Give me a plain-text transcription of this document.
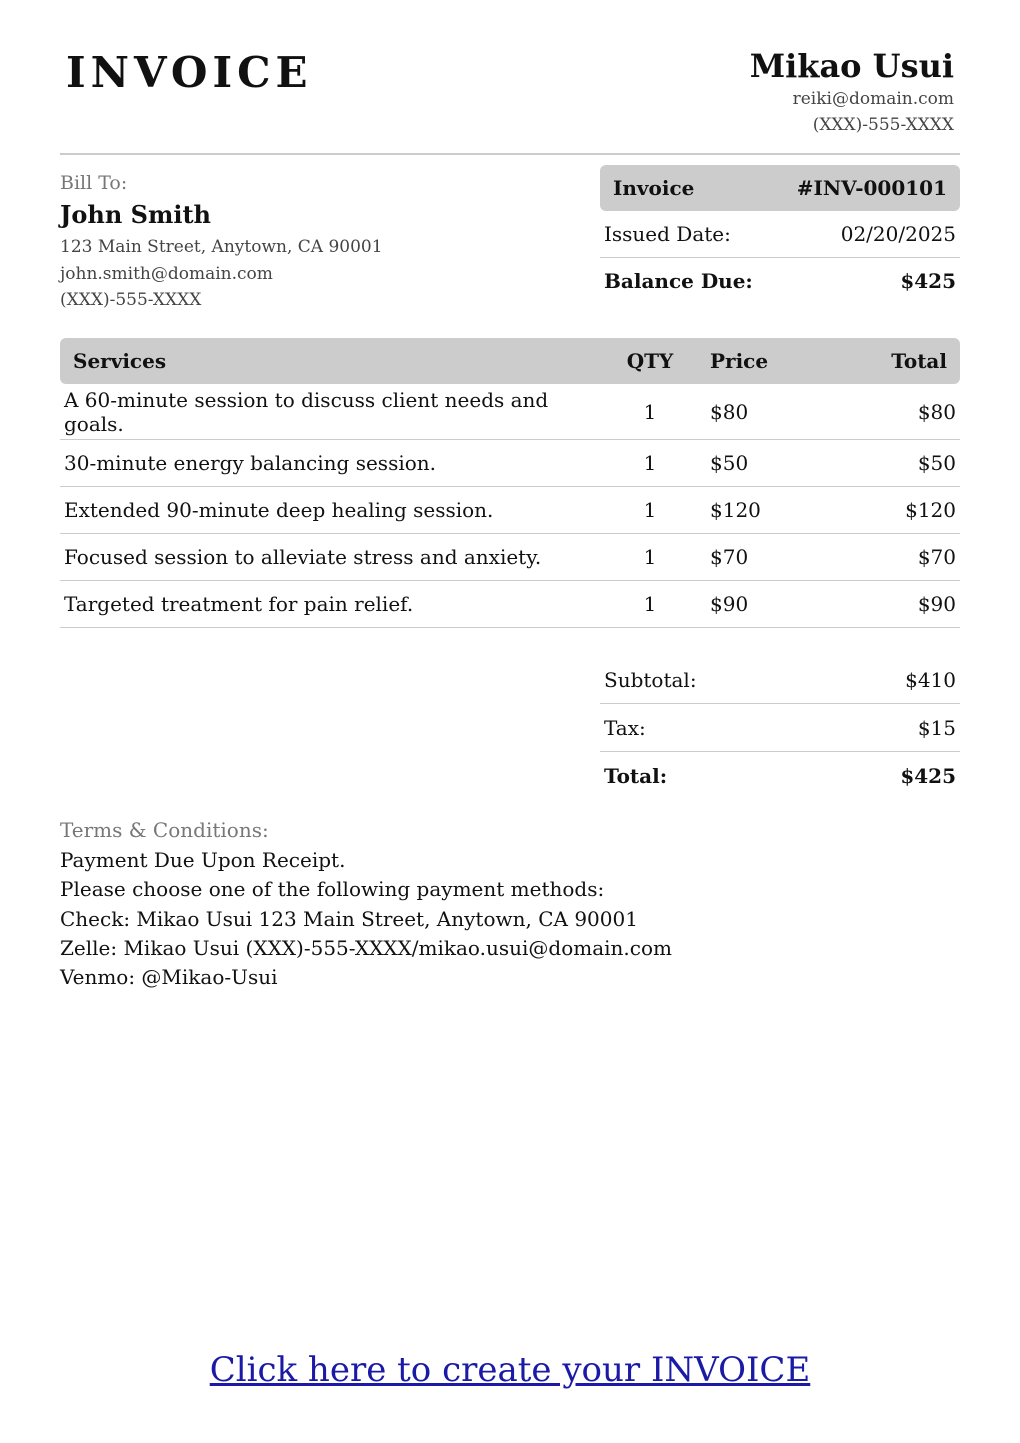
INVOICE	Mikao Usui
reiki@domain.com
(XXX)-555-XXXX
Bill To:
John Smith
123 Main Street, Anytown, CA 90001
john.smith@domain.com
(XXX)-555-XXXX
Invoice	#INV-000101
Issued Date:	02/20/2025
Balance Due:	$425
Services	QTY	Price	Total
A 60-minute session to discuss client needs and goals.	1	$80	$80
30-minute energy balancing session.	1	$50	$50
Extended 90-minute deep healing session.	1	$120	$120
Focused session to alleviate stress and anxiety.	1	$70	$70
Targeted treatment for pain relief.	1	$90	$90
Subtotal:	$410
Tax:	$15
Total:	$425
Terms & Conditions:
Payment Due Upon Receipt.
Please choose one of the following payment methods:
Check: Mikao Usui 123 Main Street, Anytown, CA 90001
Zelle: Mikao Usui (XXX)-555-XXXX/mikao.usui@domain.com
Venmo: @Mikao-Usui
Click here to create your INVOICE
